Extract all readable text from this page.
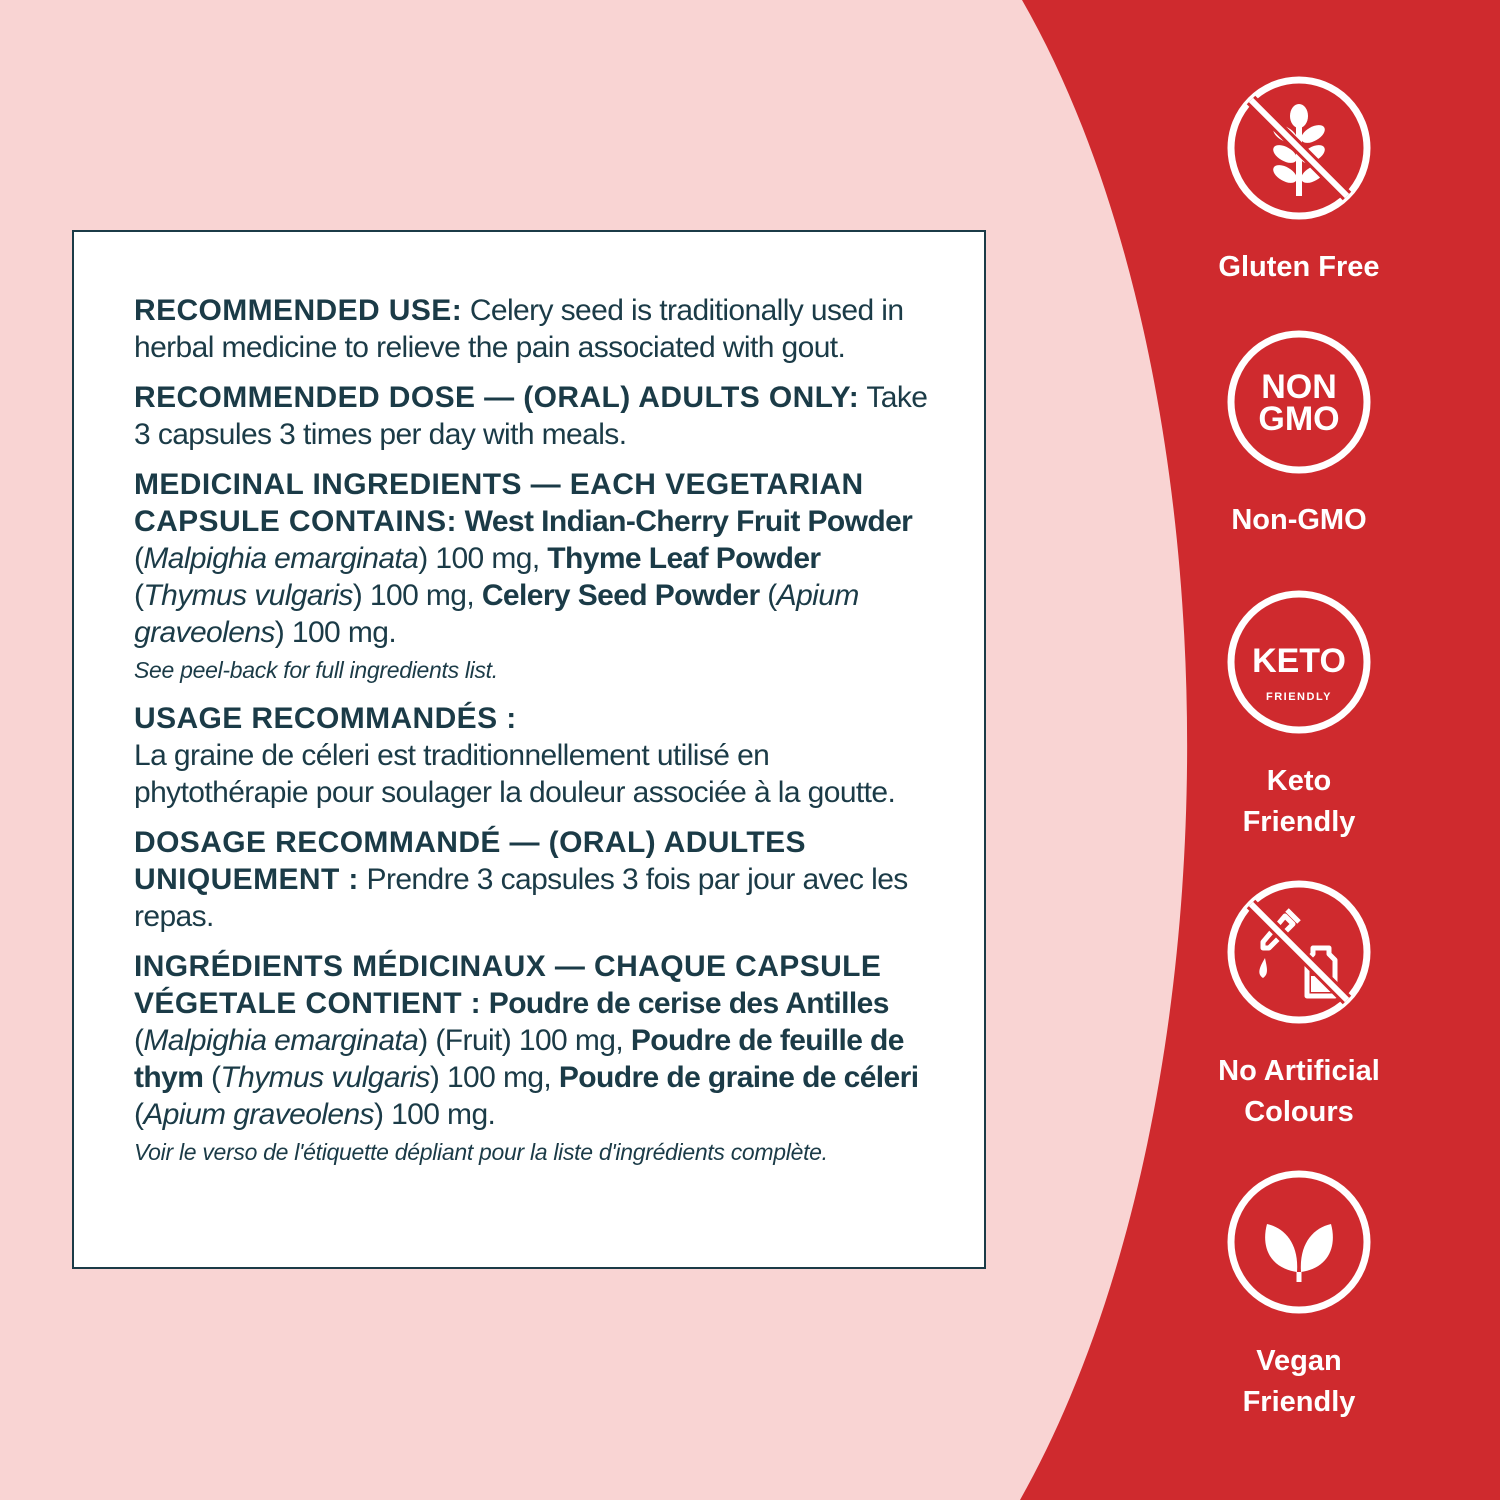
RECOMMENDED USE: Celery seed is traditionally used in herbal medicine to relieve the pain associated with gout.

RECOMMENDED DOSE — (ORAL) ADULTS ONLY: Take 3 capsules 3 times per day with meals.

MEDICINAL INGREDIENTS — EACH VEGETARIAN CAPSULE CONTAINS: West Indian-Cherry Fruit Powder (Malpighia emarginata) 100 mg, Thyme Leaf Powder (Thymus vulgaris) 100 mg, Celery Seed Powder (Apium graveolens) 100 mg.

See peel-back for full ingredients list.

USAGE RECOMMANDÉS :
La graine de céleri est traditionnellement utilisé en phytothérapie pour soulager la douleur associée à la goutte.

DOSAGE RECOMMANDÉ — (ORAL) ADULTES UNIQUEMENT : Prendre 3 capsules 3 fois par jour avec les repas.

INGRÉDIENTS MÉDICINAUX — CHAQUE CAPSULE VÉGETALE CONTIENT : Poudre de cerise des Antilles (Malpighia emarginata) (Fruit) 100 mg, Poudre de feuille de thym (Thymus vulgaris) 100 mg, Poudre de graine de céleri (Apium graveolens) 100 mg.

Voir le verso de l'étiquette dépliant pour la liste d'ingrédients complète.

Gluten Free
NON
GMO
Non-GMO
KETO
FRIENDLY
Keto
Friendly
No Artificial
Colours
Vegan
Friendly
